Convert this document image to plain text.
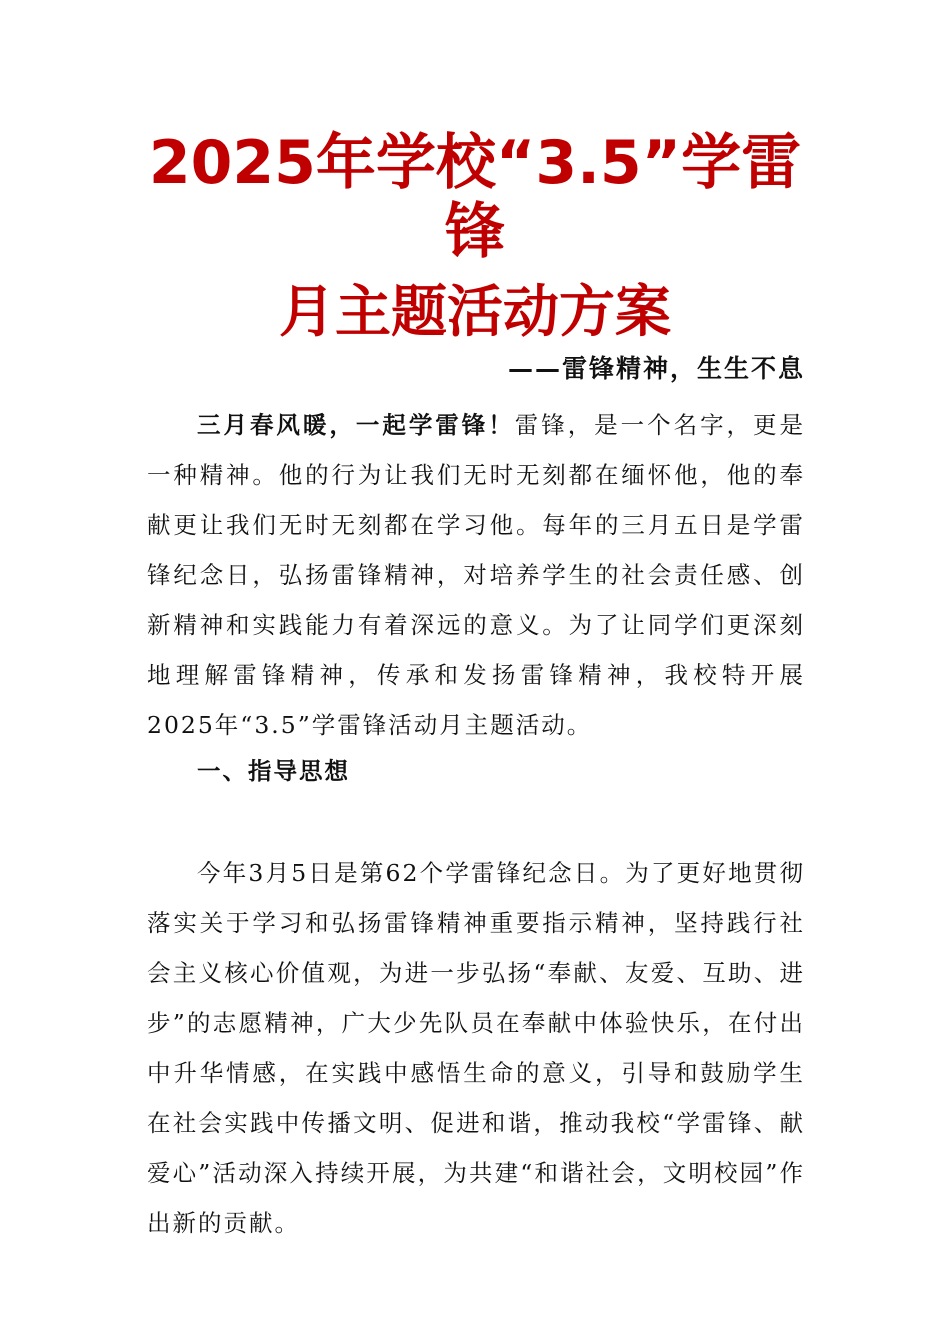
2025年学校“3.5”学雷
锋
月主题活动方案
——雷锋精神，生生不息

三月春风暖，一起学雷锋！雷锋，是一个名字，更是一种精神。他的行为让我们无时无刻都在缅怀他，他的奉献更让我们无时无刻都在学习他。每年的三月五日是学雷锋纪念日，弘扬雷锋精神，对培养学生的社会责任感、创新精神和实践能力有着深远的意义。为了让同学们更深刻地理解雷锋精神，传承和发扬雷锋精神，我校特开展 2025年“3.5”学雷锋活动月主题活动。

一、指导思想

今年3月5日是第62个学雷锋纪念日。为了更好地贯彻落实关于学习和弘扬雷锋精神重要指示精神，坚持践行社会主义核心价值观，为进一步弘扬“奉献、友爱、互助、进步”的志愿精神，广大少先队员在奉献中体验快乐，在付出中升华情感，在实践中感悟生命的意义，引导和鼓励学生在社会实践中传播文明、促进和谐，推动我校“学雷锋、献爱心”活动深入持续开展，为共建“和谐社会，文明校园”作出新的贡献。
